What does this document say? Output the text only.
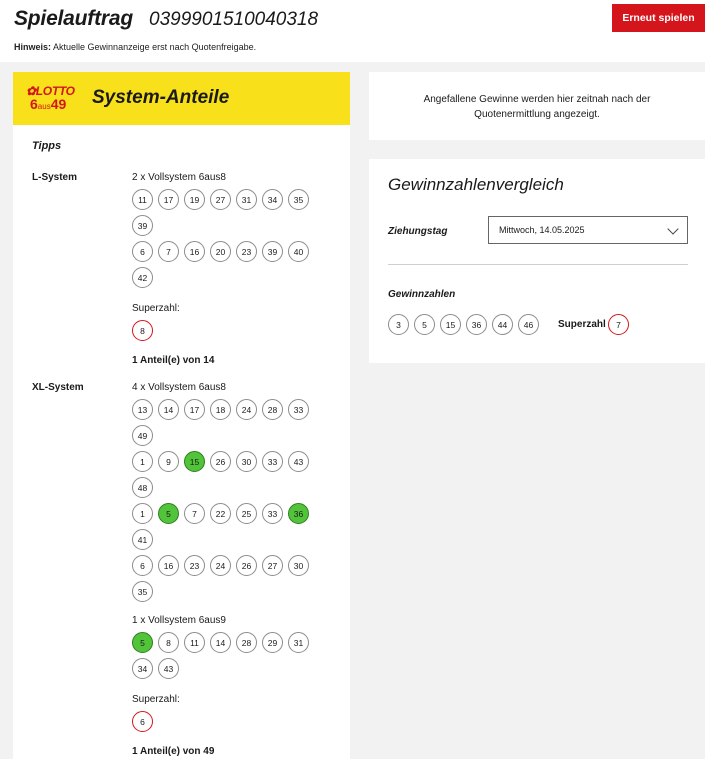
Spielauftrag 0399901510040318
Hinweis: Aktuelle Gewinnanzeige erst nach Quotenfreigabe.
Erneut spielen
✿LOTTO
6aus49 System-Anteile
Tipps
L-System	2 x Vollsystem 6aus8
11	17	19	27	31	34	35
39
6	7	16	20	23	39	40
42
Superzahl:
8
1 Anteil(e) von 14
XL-System	4 x Vollsystem 6aus8
13	14	17	18	24	28	33
49
1	9	15	26	30	33	43
48
1	5	7	22	25	33	36
41
6	16	23	24	26	27	30
35
1 x Vollsystem 6aus9
5	8	11	14	28	29	31
34	43
Superzahl:
6
1 Anteil(e) von 49
Angefallene Gewinne werden hier zeitnah nach der Quotenermittlung angezeigt.
Gewinnzahlenvergleich
Ziehungstag	Mittwoch, 14.05.2025
Gewinnzahlen
3	5	15	36	44	46	Superzahl	7
